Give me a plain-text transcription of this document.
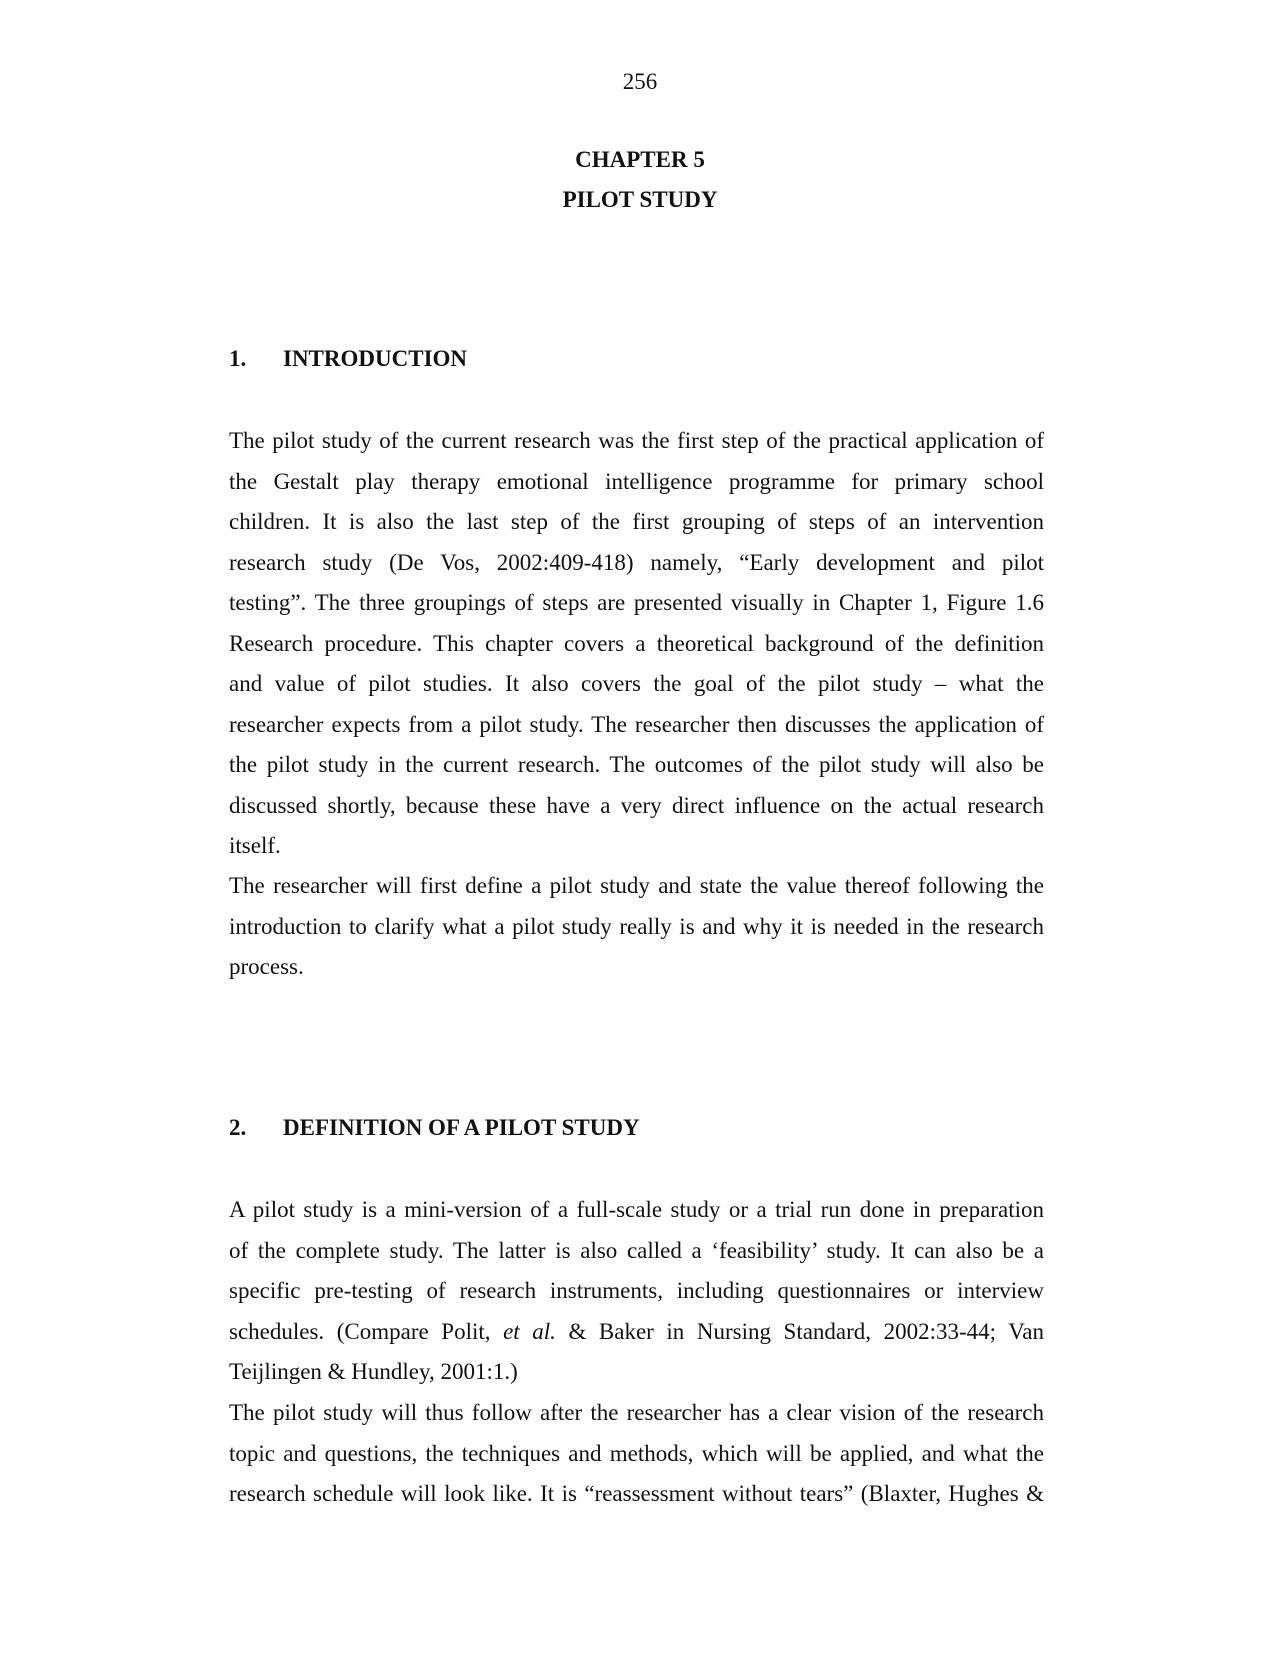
256
CHAPTER 5
PILOT STUDY
1. INTRODUCTION
The pilot study of the current research was the first step of the practical application of
the Gestalt play therapy emotional intelligence programme for primary school
children. It is also the last step of the first grouping of steps of an intervention
research study (De Vos, 2002:409-418) namely, “Early development and pilot
testing”. The three groupings of steps are presented visually in Chapter 1, Figure 1.6
Research procedure. This chapter covers a theoretical background of the definition
and value of pilot studies. It also covers the goal of the pilot study – what the
researcher expects from a pilot study. The researcher then discusses the application of
the pilot study in the current research. The outcomes of the pilot study will also be
discussed shortly, because these have a very direct influence on the actual research
itself.
The researcher will first define a pilot study and state the value thereof following the
introduction to clarify what a pilot study really is and why it is needed in the research
process.
2. DEFINITION OF A PILOT STUDY
A pilot study is a mini-version of a full-scale study or a trial run done in preparation
of the complete study. The latter is also called a ‘feasibility’ study. It can also be a
specific pre-testing of research instruments, including questionnaires or interview
schedules. (Compare Polit, et al. & Baker in Nursing Standard, 2002:33-44; Van
Teijlingen & Hundley, 2001:1.)
The pilot study will thus follow after the researcher has a clear vision of the research
topic and questions, the techniques and methods, which will be applied, and what the
research schedule will look like. It is “reassessment without tears” (Blaxter, Hughes &
